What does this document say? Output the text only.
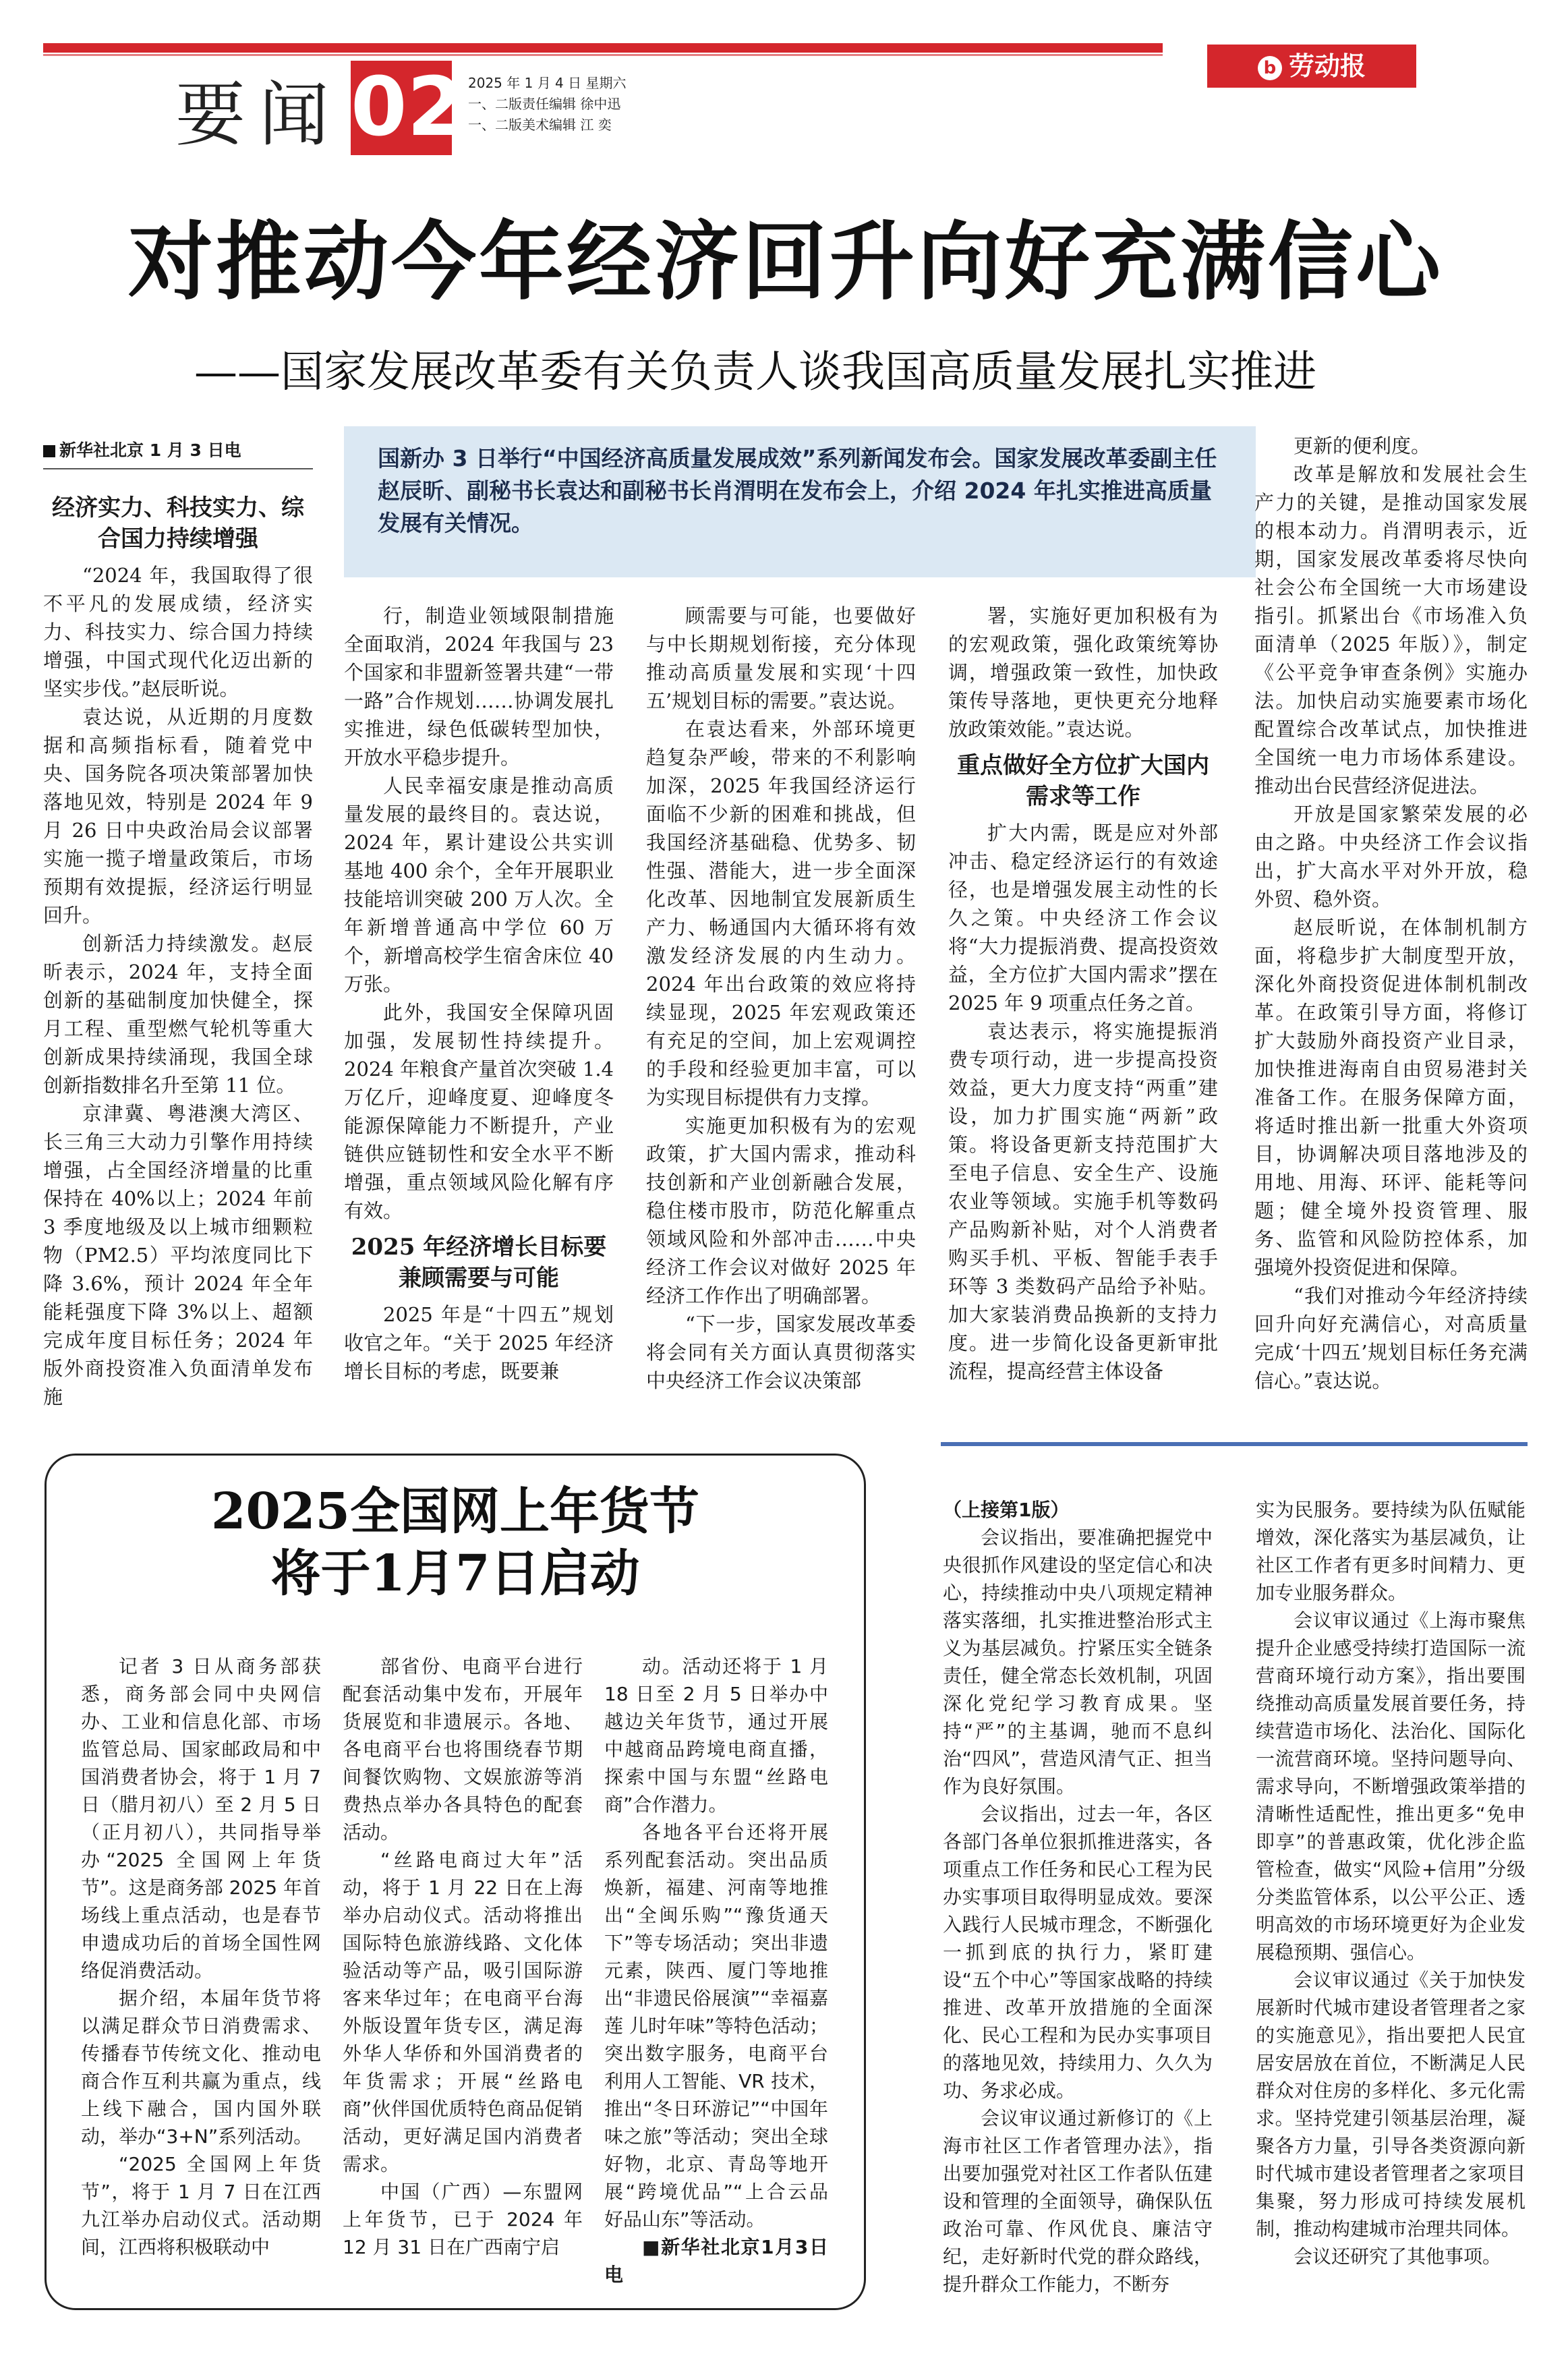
要闻 02 2025 年 1 月 4 日 星期六
一、二版责任编辑 徐中迅
一、二版美术编辑 江 奕
b 劳动报
对推动今年经济回升向好充满信心
——国家发展改革委有关负责人谈我国高质量发展扎实推进
新华社北京 1 月 3 日电	国新办 3 日举行“中国经济高质量发展成效”系列新闻发布会。国家发展改革委副主任赵辰昕、副秘书长袁达和副秘书长肖渭明在发布会上，介绍 2024 年扎实推进高质量发展有关情况。
经济实力、科技实力、综合国力持续增强

“2024 年，我国取得了很不平凡的发展成绩，经济实力、科技实力、综合国力持续增强，中国式现代化迈出新的坚实步伐。”赵辰昕说。

袁达说，从近期的月度数据和高频指标看，随着党中央、国务院各项决策部署加快落地见效，特别是 2024 年 9 月 26 日中央政治局会议部署实施一揽子增量政策后，市场预期有效提振，经济运行明显回升。

创新活力持续激发。赵辰昕表示，2024 年，支持全面创新的基础制度加快健全，探月工程、重型燃气轮机等重大创新成果持续涌现，我国全球创新指数排名升至第 11 位。

京津冀、粤港澳大湾区、长三角三大动力引擎作用持续增强，占全国经济增量的比重保持在 40%以上；2024 年前 3 季度地级及以上城市细颗粒物（PM2.5）平均浓度同比下降 3.6%，预计 2024 年全年能耗强度下降 3%以上、超额完成年度目标任务；2024 年版外商投资准入负面清单发布施

行，制造业领域限制措施全面取消，2024 年我国与 23 个国家和非盟新签署共建“一带一路”合作规划……协调发展扎实推进，绿色低碳转型加快，开放水平稳步提升。

人民幸福安康是推动高质量发展的最终目的。袁达说，2024 年，累计建设公共实训基地 400 余个，全年开展职业技能培训突破 200 万人次。全年新增普通高中学位 60 万个，新增高校学生宿舍床位 40 万张。

此外，我国安全保障巩固加强，发展韧性持续提升。2024 年粮食产量首次突破 1.4 万亿斤，迎峰度夏、迎峰度冬能源保障能力不断提升，产业链供应链韧性和安全水平不断增强，重点领域风险化解有序有效。

2025 年经济增长目标要兼顾需要与可能

2025 年是“十四五”规划收官之年。“关于 2025 年经济增长目标的考虑，既要兼

顾需要与可能，也要做好与中长期规划衔接，充分体现推动高质量发展和实现‘十四五’规划目标的需要。”袁达说。

在袁达看来，外部环境更趋复杂严峻，带来的不利影响加深，2025 年我国经济运行面临不少新的困难和挑战，但我国经济基础稳、优势多、韧性强、潜能大，进一步全面深化改革、因地制宜发展新质生产力、畅通国内大循环将有效激发经济发展的内生动力。2024 年出台政策的效应将持续显现，2025 年宏观政策还有充足的空间，加上宏观调控的手段和经验更加丰富，可以为实现目标提供有力支撑。

实施更加积极有为的宏观政策，扩大国内需求，推动科技创新和产业创新融合发展，稳住楼市股市，防范化解重点领域风险和外部冲击……中央经济工作会议对做好 2025 年经济工作作出了明确部署。

“下一步，国家发展改革委将会同有关方面认真贯彻落实中央经济工作会议决策部

署，实施好更加积极有为的宏观政策，强化政策统筹协调，增强政策一致性，加快政策传导落地，更快更充分地释放政策效能。”袁达说。

重点做好全方位扩大国内需求等工作

扩大内需，既是应对外部冲击、稳定经济运行的有效途径，也是增强发展主动性的长久之策。中央经济工作会议将“大力提振消费、提高投资效益，全方位扩大国内需求”摆在 2025 年 9 项重点任务之首。

袁达表示，将实施提振消费专项行动，进一步提高投资效益，更大力度支持“两重”建设，加力扩围实施“两新”政策。将设备更新支持范围扩大至电子信息、安全生产、设施农业等领域。实施手机等数码产品购新补贴，对个人消费者购买手机、平板、智能手表手环等 3 类数码产品给予补贴。加大家装消费品换新的支持力度。进一步简化设备更新审批流程，提高经营主体设备

更新的便利度。

改革是解放和发展社会生产力的关键，是推动国家发展的根本动力。肖渭明表示，近期，国家发展改革委将尽快向社会公布全国统一大市场建设指引。抓紧出台《市场准入负面清单（2025 年版）》，制定《公平竞争审查条例》实施办法。加快启动实施要素市场化配置综合改革试点，加快推进全国统一电力市场体系建设。推动出台民营经济促进法。

开放是国家繁荣发展的必由之路。中央经济工作会议指出，扩大高水平对外开放，稳外贸、稳外资。

赵辰昕说，在体制机制方面，将稳步扩大制度型开放，深化外商投资促进体制机制改革。在政策引导方面，将修订扩大鼓励外商投资产业目录，加快推进海南自由贸易港封关准备工作。在服务保障方面，将适时推出新一批重大外资项目，协调解决项目落地涉及的用地、用海、环评、能耗等问题；健全境外投资管理、服务、监管和风险防控体系，加强境外投资促进和保障。

“我们对推动今年经济持续回升向好充满信心，对高质量完成‘十四五’规划目标任务充满信心。”袁达说。

2025全国网上年货节
将于1月7日启动

记者 3 日从商务部获悉，商务部会同中央网信办、工业和信息化部、市场监管总局、国家邮政局和中国消费者协会，将于 1 月 7 日（腊月初八）至 2 月 5 日（正月初八），共同指导举办“2025 全国网上年货节”。这是商务部 2025 年首场线上重点活动，也是春节申遗成功后的首场全国性网络促消费活动。

据介绍，本届年货节将以满足群众节日消费需求、传播春节传统文化、推动电商合作互利共赢为重点，线上线下融合，国内国外联动，举办“3+N”系列活动。

“2025 全国网上年货节”，将于 1 月 7 日在江西九江举办启动仪式。活动期间，江西将积极联动中

部省份、电商平台进行配套活动集中发布，开展年货展览和非遗展示。各地、各电商平台也将围绕春节期间餐饮购物、文娱旅游等消费热点举办各具特色的配套活动。

“丝路电商过大年”活动，将于 1 月 22 日在上海举办启动仪式。活动将推出国际特色旅游线路、文化体验活动等产品，吸引国际游客来华过年；在电商平台海外版设置年货专区，满足海外华人华侨和外国消费者的年货需求；开展“丝路电商”伙伴国优质特色商品促销活动，更好满足国内消费者需求。

中国（广西）—东盟网上年货节，已于 2024 年 12 月 31 日在广西南宁启

动。活动还将于 1 月 18 日至 2 月 5 日举办中越边关年货节，通过开展中越商品跨境电商直播，探索中国与东盟“丝路电商”合作潜力。

各地各平台还将开展系列配套活动。突出品质焕新，福建、河南等地推出“全闽乐购”“豫货通天下”等专场活动；突出非遗元素，陕西、厦门等地推出“非遗民俗展演”“幸福嘉莲 儿时年味”等特色活动；突出数字服务，电商平台利用人工智能、VR 技术，推出“冬日环游记”“中国年味之旅”等活动；突出全球好物，北京、青岛等地开展“跨境优品”“上合云品 好品山东”等活动。

■新华社北京1月3日电
（上接第1版）

会议指出，要准确把握党中央很抓作风建设的坚定信心和决心，持续推动中央八项规定精神落实落细，扎实推进整治形式主义为基层减负。拧紧压实全链条责任，健全常态长效机制，巩固深化党纪学习教育成果。坚持“严”的主基调，驰而不息纠治“四风”，营造风清气正、担当作为良好氛围。

会议指出，过去一年，各区各部门各单位狠抓推进落实，各项重点工作任务和民心工程为民办实事项目取得明显成效。要深入践行人民城市理念，不断强化一抓到底的执行力，紧盯建设“五个中心”等国家战略的持续推进、改革开放措施的全面深化、民心工程和为民办实事项目的落地见效，持续用力、久久为功、务求必成。

会议审议通过新修订的《上海市社区工作者管理办法》，指出要加强党对社区工作者队伍建设和管理的全面领导，确保队伍政治可靠、作风优良、廉洁守纪，走好新时代党的群众路线，提升群众工作能力，不断夯

实为民服务。要持续为队伍赋能增效，深化落实为基层减负，让社区工作者有更多时间精力、更加专业服务群众。

会议审议通过《上海市聚焦提升企业感受持续打造国际一流营商环境行动方案》，指出要围绕推动高质量发展首要任务，持续营造市场化、法治化、国际化一流营商环境。坚持问题导向、需求导向，不断增强政策举措的清晰性适配性，推出更多“免申即享”的普惠政策，优化涉企监管检查，做实“风险+信用”分级分类监管体系，以公平公正、透明高效的市场环境更好为企业发展稳预期、强信心。

会议审议通过《关于加快发展新时代城市建设者管理者之家的实施意见》，指出要把人民宜居安居放在首位，不断满足人民群众对住房的多样化、多元化需求。坚持党建引领基层治理，凝聚各方力量，引导各类资源向新时代城市建设者管理者之家项目集聚，努力形成可持续发展机制，推动构建城市治理共同体。

会议还研究了其他事项。
